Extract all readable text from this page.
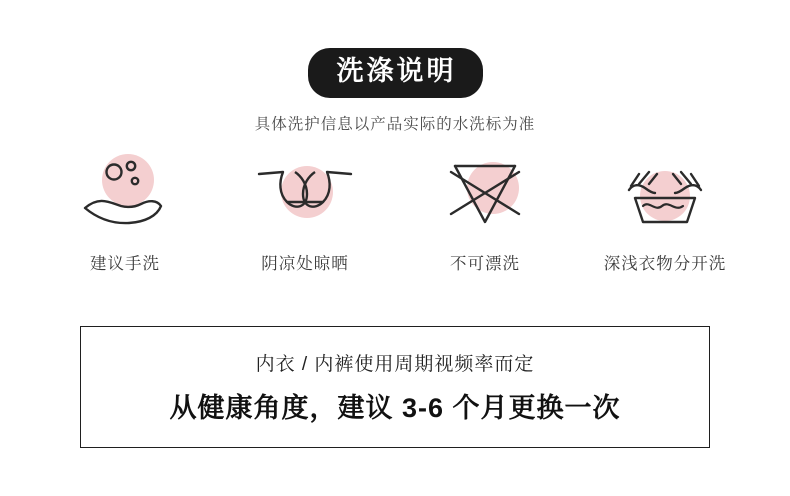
洗涤说明
具体洗护信息以产品实际的水洗标为准
建议手洗	阴凉处晾晒	不可漂洗	深浅衣物分开洗
内衣 / 内裤使用周期视频率而定
从健康角度，建议 3-6 个月更换一次
